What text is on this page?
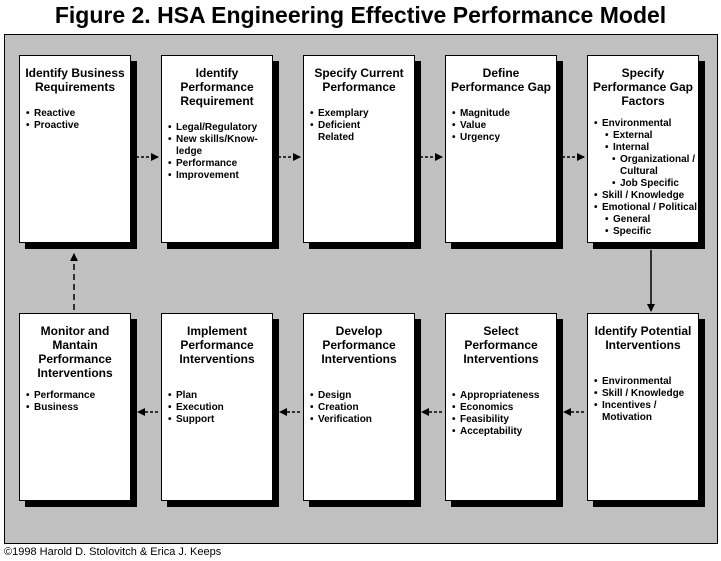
Figure 2. HSA Engineering Effective Performance Model
Identify Business Requirements
• Reactive
• Proactive
Identify Performance Requirement
• Legal/Regulatory
• New skills/Know-
ledge
• Performance
• Improvement
Specify Current Performance
• Exemplary
• Deficient
Related
Define Performance Gap
• Magnitude
• Value
• Urgency
Specify Performance Gap Factors
• Environmental
• External
• Internal
• Organizational /
Cultural
• Job Specific
• Skill / Knowledge
• Emotional / Political
• General
• Specific
Monitor and Mantain Performance Interventions
• Performance
• Business
Implement Performance Interventions
• Plan
• Execution
• Support
Develop Performance Interventions
• Design
• Creation
• Verification
Select Performance Interventions
• Appropriateness
• Economics
• Feasibility
• Acceptability
Identify Potential Interventions
• Environmental
• Skill / Knowledge
• Incentives /
Motivation
©1998 Harold D. Stolovitch & Erica J. Keeps
